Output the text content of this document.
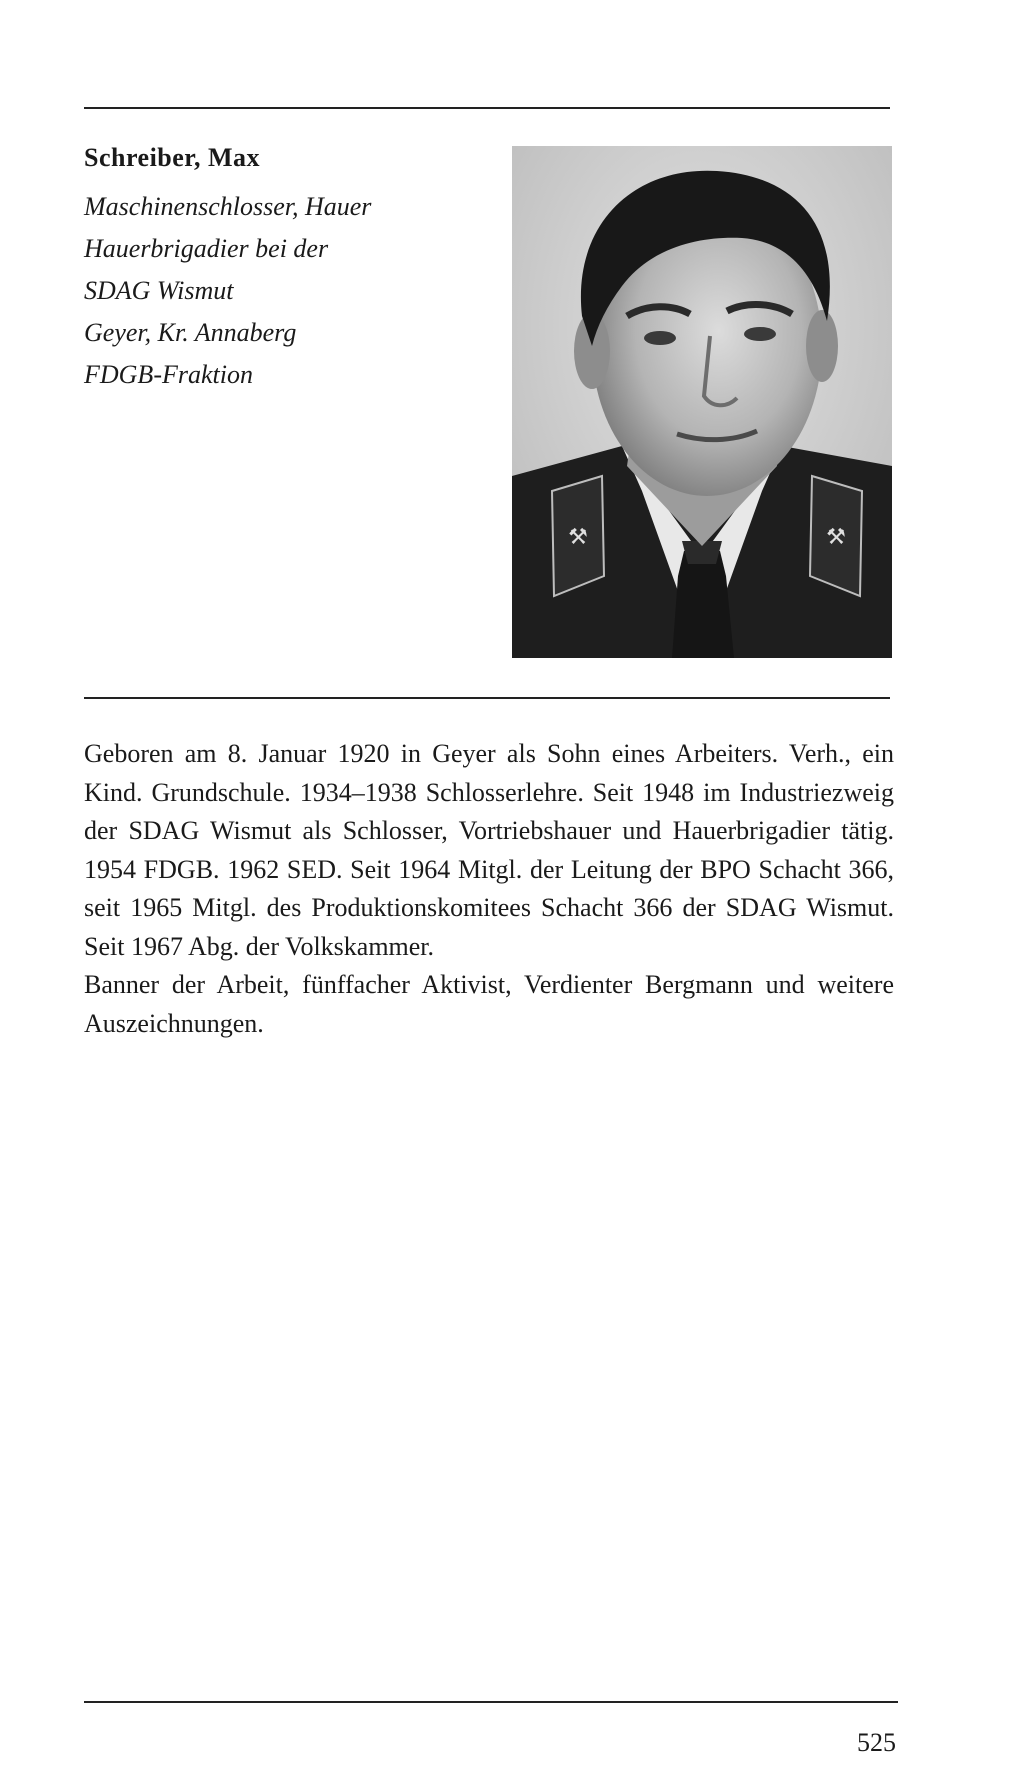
Schreiber, Max
Maschinenschlosser, Hauer
Hauerbrigadier bei der
SDAG Wismut
Geyer, Kr. Annaberg
FDGB-Fraktion
⚒	⚒

Geboren am 8. Januar 1920 in Geyer als Sohn eines Arbeiters. Verh., ein Kind. Grundschule. 1934–1938 Schlosserlehre. Seit 1948 im Industriezweig der SDAG Wismut als Schlosser, Vortriebshauer und Hauerbrigadier tätig. 1954 FDGB. 1962 SED. Seit 1964 Mitgl. der Leitung der BPO Schacht 366, seit 1965 Mitgl. des Produktionskomitees Schacht 366 der SDAG Wismut. Seit 1967 Abg. der Volkskammer.

Banner der Arbeit, fünffacher Aktivist, Verdienter Bergmann und weitere Auszeichnungen.

525
